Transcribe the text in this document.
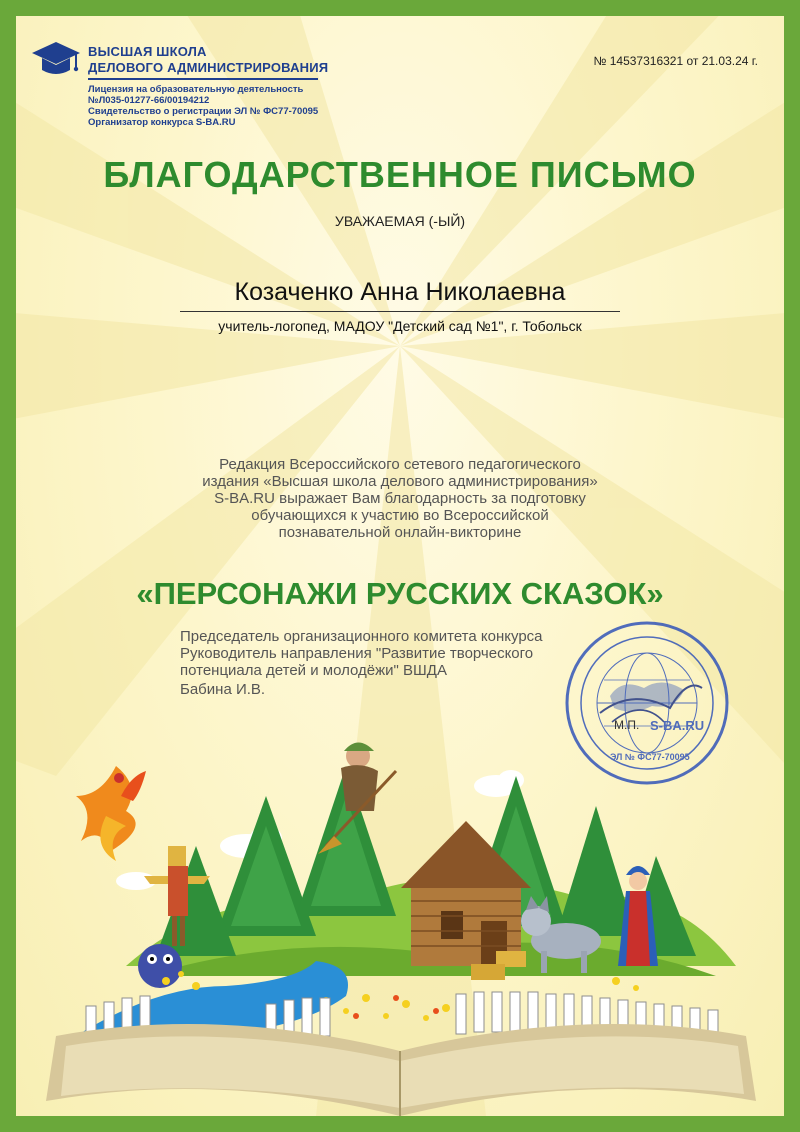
ВЫСШАЯ ШКОЛА
ДЕЛОВОГО АДМИНИСТРИРОВАНИЯ
Лицензия на образовательную деятельность
№Л035-01277-66/00194212
Свидетельство о регистрации ЭЛ № ФС77-70095
Организатор конкурса S-BA.RU
№ 14537316321 от 21.03.24 г.
БЛАГОДАРСТВЕННОЕ ПИСЬМО
УВАЖАЕМАЯ (-ЫЙ)
Козаченко Анна Николаевна
учитель-логопед, МАДОУ "Детский сад №1", г. Тобольск
Редакция Всероссийского сетевого педагогического
издания «Высшая школа делового администрирования»
S-BA.RU выражает Вам благодарность за подготовку
обучающихся к участию во Всероссийской
познавательной онлайн-викторине
«ПЕРСОНАЖИ РУССКИХ СКАЗОК»
Председатель организационного комитета конкурса
Руководитель направления "Развитие творческого
потенциала детей и молодёжи" ВШДА
Бабина И.В.
S-BA.RU
ЭЛ № ФС77-70095
М.П.
